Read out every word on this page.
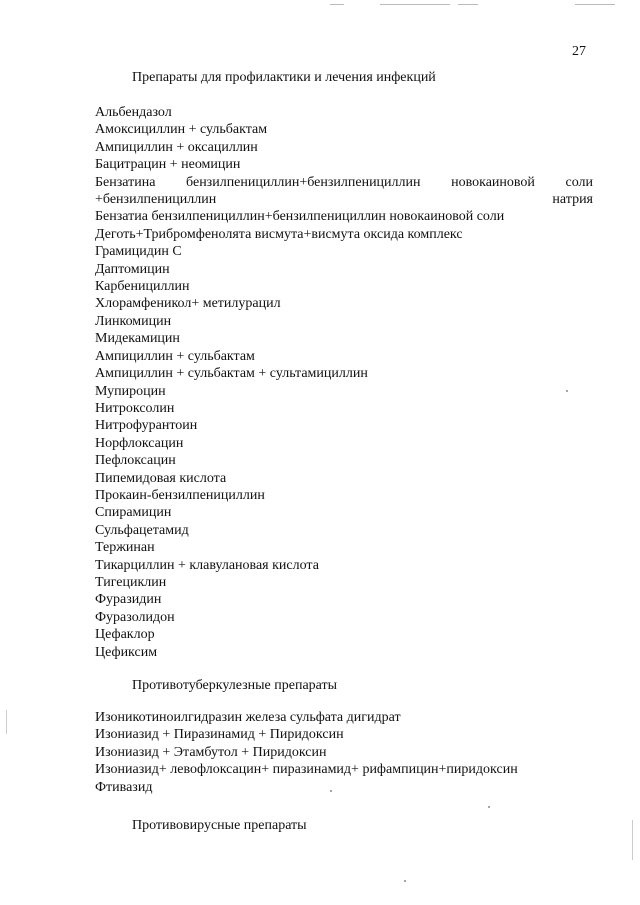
27
Препараты для профилактики и лечения инфекций
Альбендазол
Амоксициллин + сульбактам
Ампициллин + оксациллин
Бацитрацин + неомицин
Бензатина бензилпенициллин+бензилпенициллин новокаиновой соли +бензилпенициллин натрия
Бензатиа бензилпенициллин+бензилпенициллин новокаиновой соли
Деготь+Трибромфенолята висмута+висмута оксида комплекс
Грамицидин С
Даптомицин
Карбенициллин
Хлорамфеникол+ метилурацил
Линкомицин
Мидекамицин
Ампициллин + сульбактам
Ампициллин + сульбактам + сультамициллин
Мупироцин
Нитроксолин
Нитрофурантоин
Норфлоксацин
Пефлоксацин
Пипемидовая кислота
Прокаин-бензилпенициллин
Спирамицин
Сульфацетамид
Тержинан
Тикарциллин + клавулановая кислота
Тигециклин
Фуразидин
Фуразолидон
Цефаклор
Цефиксим
Противотуберкулезные препараты
Изоникотиноилгидразин железа сульфата дигидрат
Изониазид + Пиразинамид + Пиридоксин
Изониазид + Этамбутол + Пиридоксин
Изониазид+ левофлоксацин+ пиразинамид+ рифампицин+пиридоксин
Фтивазид
Противовирусные препараты
